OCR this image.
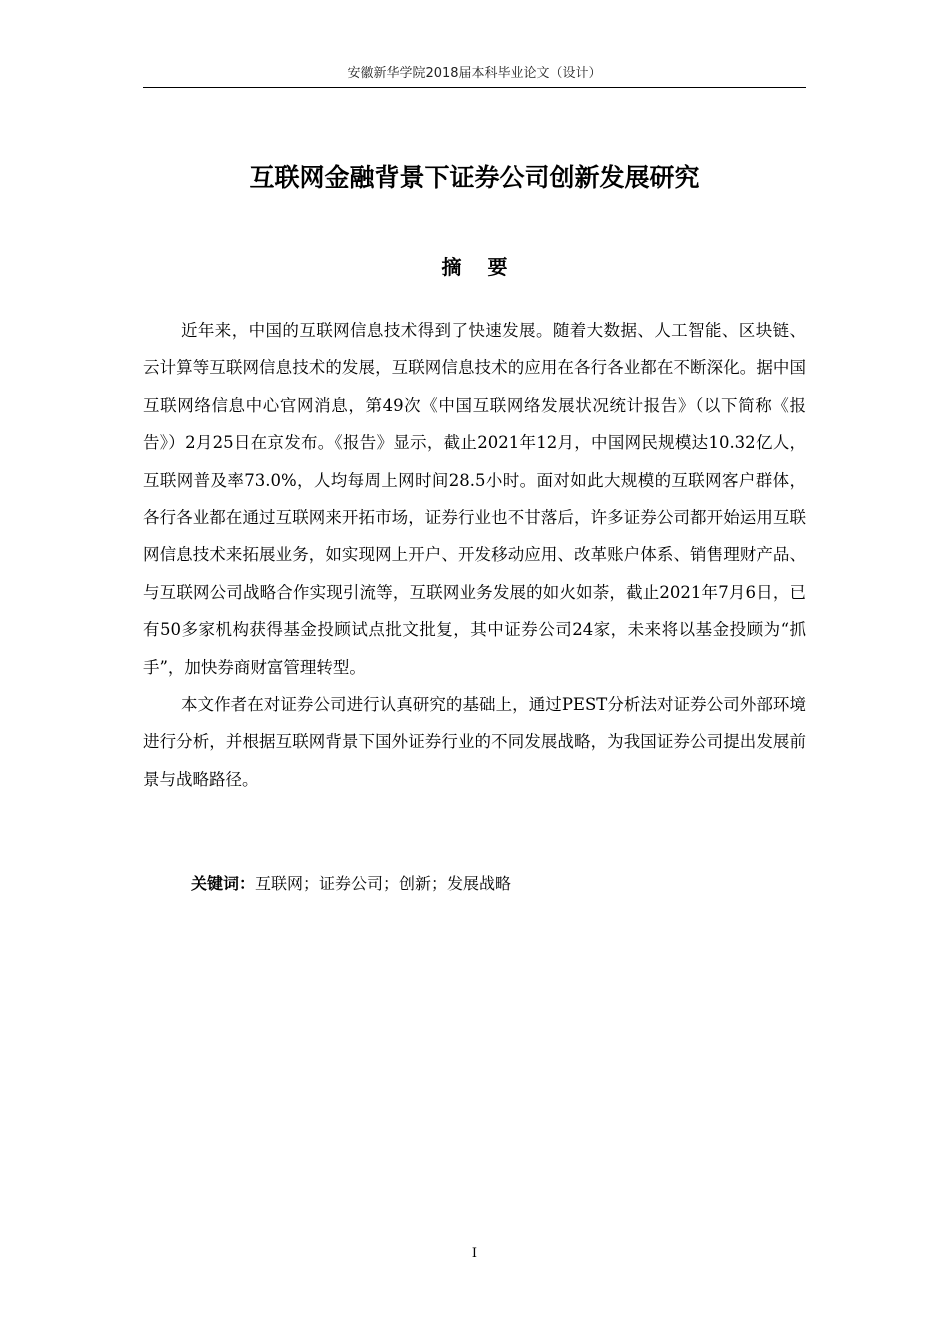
安徽新华学院2018届本科毕业论文（设计）
互联网金融背景下证券公司创新发展研究
摘要

近年来，中国的互联网信息技术得到了快速发展。随着大数据、人工智能、区块链、云计算等互联网信息技术的发展，互联网信息技术的应用在各行各业都在不断深化。据中国互联网络信息中心官网消息，第49次《中国互联网络发展状况统计报告》（以下简称《报告》）2月25日在京发布。《报告》显示，截止2021年12月，中国网民规模达10.32亿人，互联网普及率73.0%，人均每周上网时间28.5小时。面对如此大规模的互联网客户群体，各行各业都在通过互联网来开拓市场，证券行业也不甘落后，许多证券公司都开始运用互联网信息技术来拓展业务，如实现网上开户、开发移动应用、改革账户体系、销售理财产品、与互联网公司战略合作实现引流等，互联网业务发展的如火如荼，截止2021年7月6日，已有50多家机构获得基金投顾试点批文批复，其中证券公司24家，未来将以基金投顾为“抓手”，加快券商财富管理转型。

本文作者在对证券公司进行认真研究的基础上，通过PEST分析法对证券公司外部环境进行分析，并根据互联网背景下国外证券行业的不同发展战略，为我国证券公司提出发展前景与战略路径。

关键词：互联网；证券公司；创新；发展战略
I
